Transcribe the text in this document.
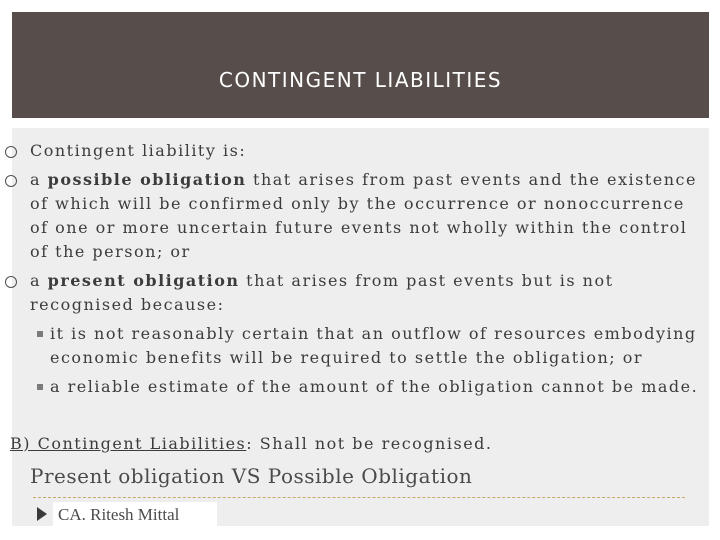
CONTINGENT LIABILITIES
Contingent liability is:
a possible obligation that arises from past events and the existence
of which will be confirmed only by the occurrence or nonoccurrence
of one or more uncertain future events not wholly within the control
of the person; or
a present obligation that arises from past events but is not
recognised because:
it is not reasonably certain that an outflow of resources embodying
economic benefits will be required to settle the obligation; or
a reliable estimate of the amount of the obligation cannot be made.
B) Contingent Liabilities: Shall not be recognised.
Present obligation VS Possible Obligation
CA. Ritesh Mittal
